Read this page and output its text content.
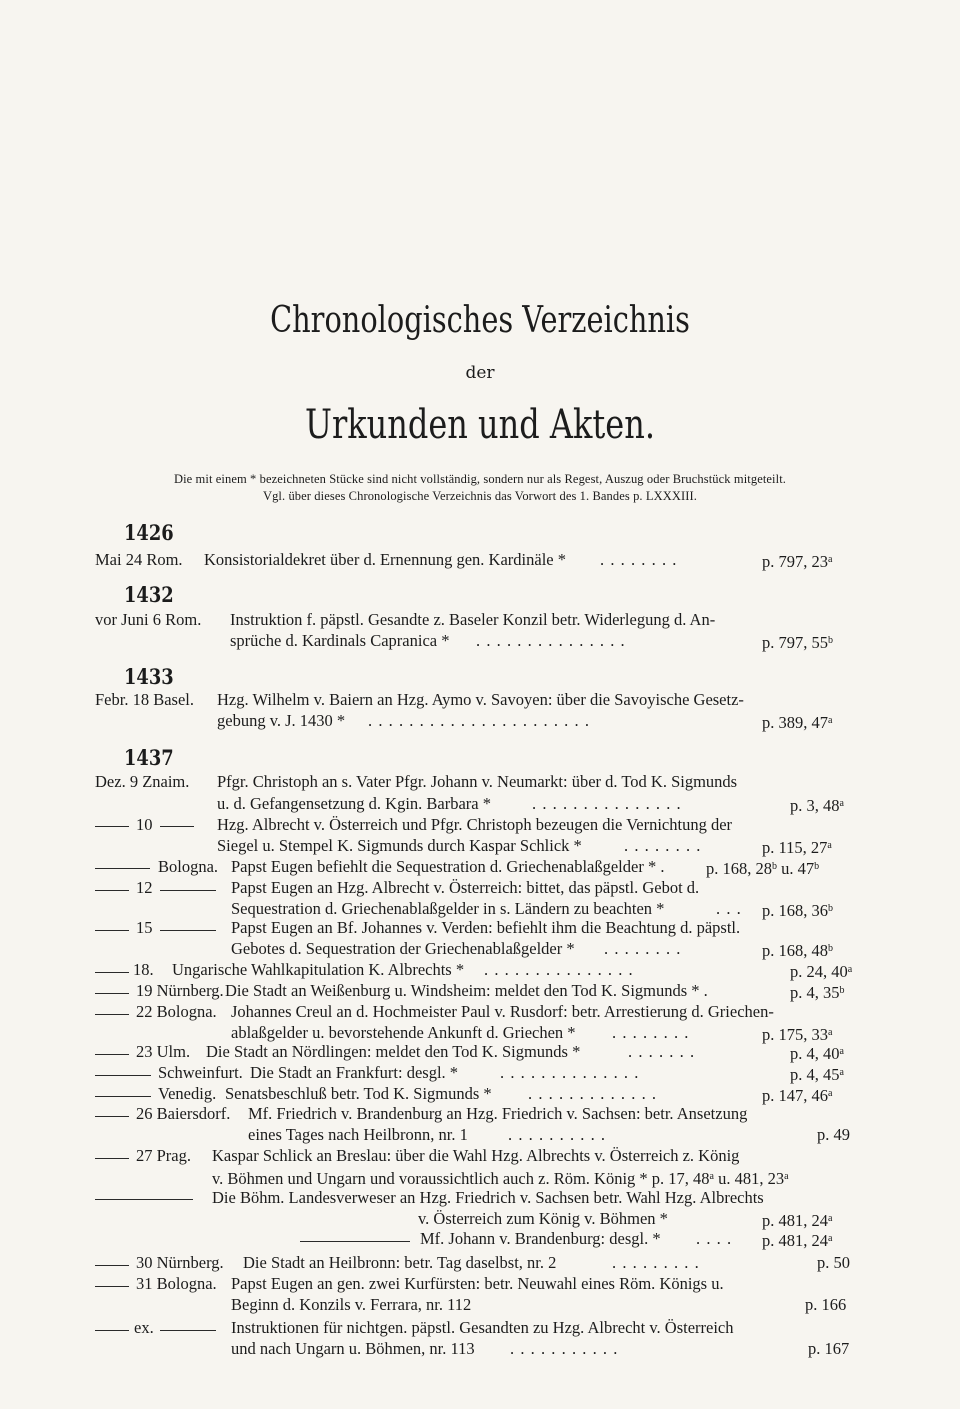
Chronologisches Verzeichnis
der
Urkunden und Akten.
Die mit einem * bezeichneten Stücke sind nicht vollständig, sondern nur als Regest, Auszug oder Bruchstück mitgeteilt.
Vgl. über dieses Chronologische Verzeichnis das Vorwort des 1. Bandes p. LXXXIII.
1426
Mai 24 Rom. Konsistorialdekret über d. Ernennung gen. Kardinäle * ........	p. 797, 23$^a$
1432
vor Juni 6 Rom. Instruktion f. päpstl. Gesandte z. Baseler Konzil betr. Widerlegung d. An-
sprüche d. Kardinals Capranica * ...............	p. 797, 55$^b$
1433
Febr. 18 Basel. Hzg. Wilhelm v. Baiern an Hzg. Aymo v. Savoyen: über die Savoyische Gesetz-
gebung v. J. 1430 * ......................	p. 389, 47$^a$
1437
Dez. 9 Znaim. Pfgr. Christoph an s. Vater Pfgr. Johann v. Neumarkt: über d. Tod K. Sigmunds
u. d. Gefangensetzung d. Kgin. Barbara * ...............	p. 3, 48$^a$
10	Hzg. Albrecht v. Österreich und Pfgr. Christoph bezeugen die Vernichtung der
Siegel u. Stempel K. Sigmunds durch Kaspar Schlick *	........	p. 115, 27$^a$
Bologna. Papst Eugen befiehlt die Sequestration d. Griechenablaßgelder * .	p. 168, 28$^b$ u. 47$^b$
12	Papst Eugen an Hzg. Albrecht v. Österreich: bittet, das päpstl. Gebot d.
Sequestration d. Griechenablaßgelder in s. Ländern zu beachten *	... p. 168, 36$^b$
15	Papst Eugen an Bf. Johannes v. Verden: befiehlt ihm die Beachtung d. päpstl.
Gebotes d. Sequestration der Griechenablaßgelder * ........	p. 168, 48$^b$
18. Ungarische Wahlkapitulation K. Albrechts * ...............	p. 24, 40$^a$
19 Nürnberg. Die Stadt an Weißenburg u. Windsheim: meldet den Tod K. Sigmunds * .	p. 4, 35$^b$
22 Bologna. Johannes Creul an d. Hochmeister Paul v. Rusdorf: betr. Arrestierung d. Griechen-
ablaßgelder u. bevorstehende Ankunft d. Griechen * ........	p. 175, 33$^a$
23 Ulm. Die Stadt an Nördlingen: meldet den Tod K. Sigmunds *	.......	p. 4, 40$^a$
Schweinfurt. Die Stadt an Frankfurt: desgl. *	..............	p. 4, 45$^a$
Venedig. Senatsbeschluß betr. Tod K. Sigmunds * .............	p. 147, 46$^a$
26 Baiersdorf. Mf. Friedrich v. Brandenburg an Hzg. Friedrich v. Sachsen: betr. Ansetzung
eines Tages nach Heilbronn, nr. 1 ..........	p. 49
27 Prag. Kaspar Schlick an Breslau: über die Wahl Hzg. Albrechts v. Österreich z. König
v. Böhmen und Ungarn und voraussichtlich auch z. Röm. König * p. 17, 48$^a$ u. 481, 23$^a$
Die Böhm. Landesverweser an Hzg. Friedrich v. Sachsen betr. Wahl Hzg. Albrechts
v. Österreich zum König v. Böhmen *	p. 481, 24$^a$
Mf. Johann v. Brandenburg: desgl. * .... p. 481, 24$^a$
30 Nürnberg. Die Stadt an Heilbronn: betr. Tag daselbst, nr. 2	.........	p. 50
31 Bologna. Papst Eugen an gen. zwei Kurfürsten: betr. Neuwahl eines Röm. Königs u.
Beginn d. Konzils v. Ferrara, nr. 112	p. 166
ex.	Instruktionen für nichtgen. päpstl. Gesandten zu Hzg. Albrecht v. Österreich
und nach Ungarn u. Böhmen, nr. 113 ...........	p. 167
